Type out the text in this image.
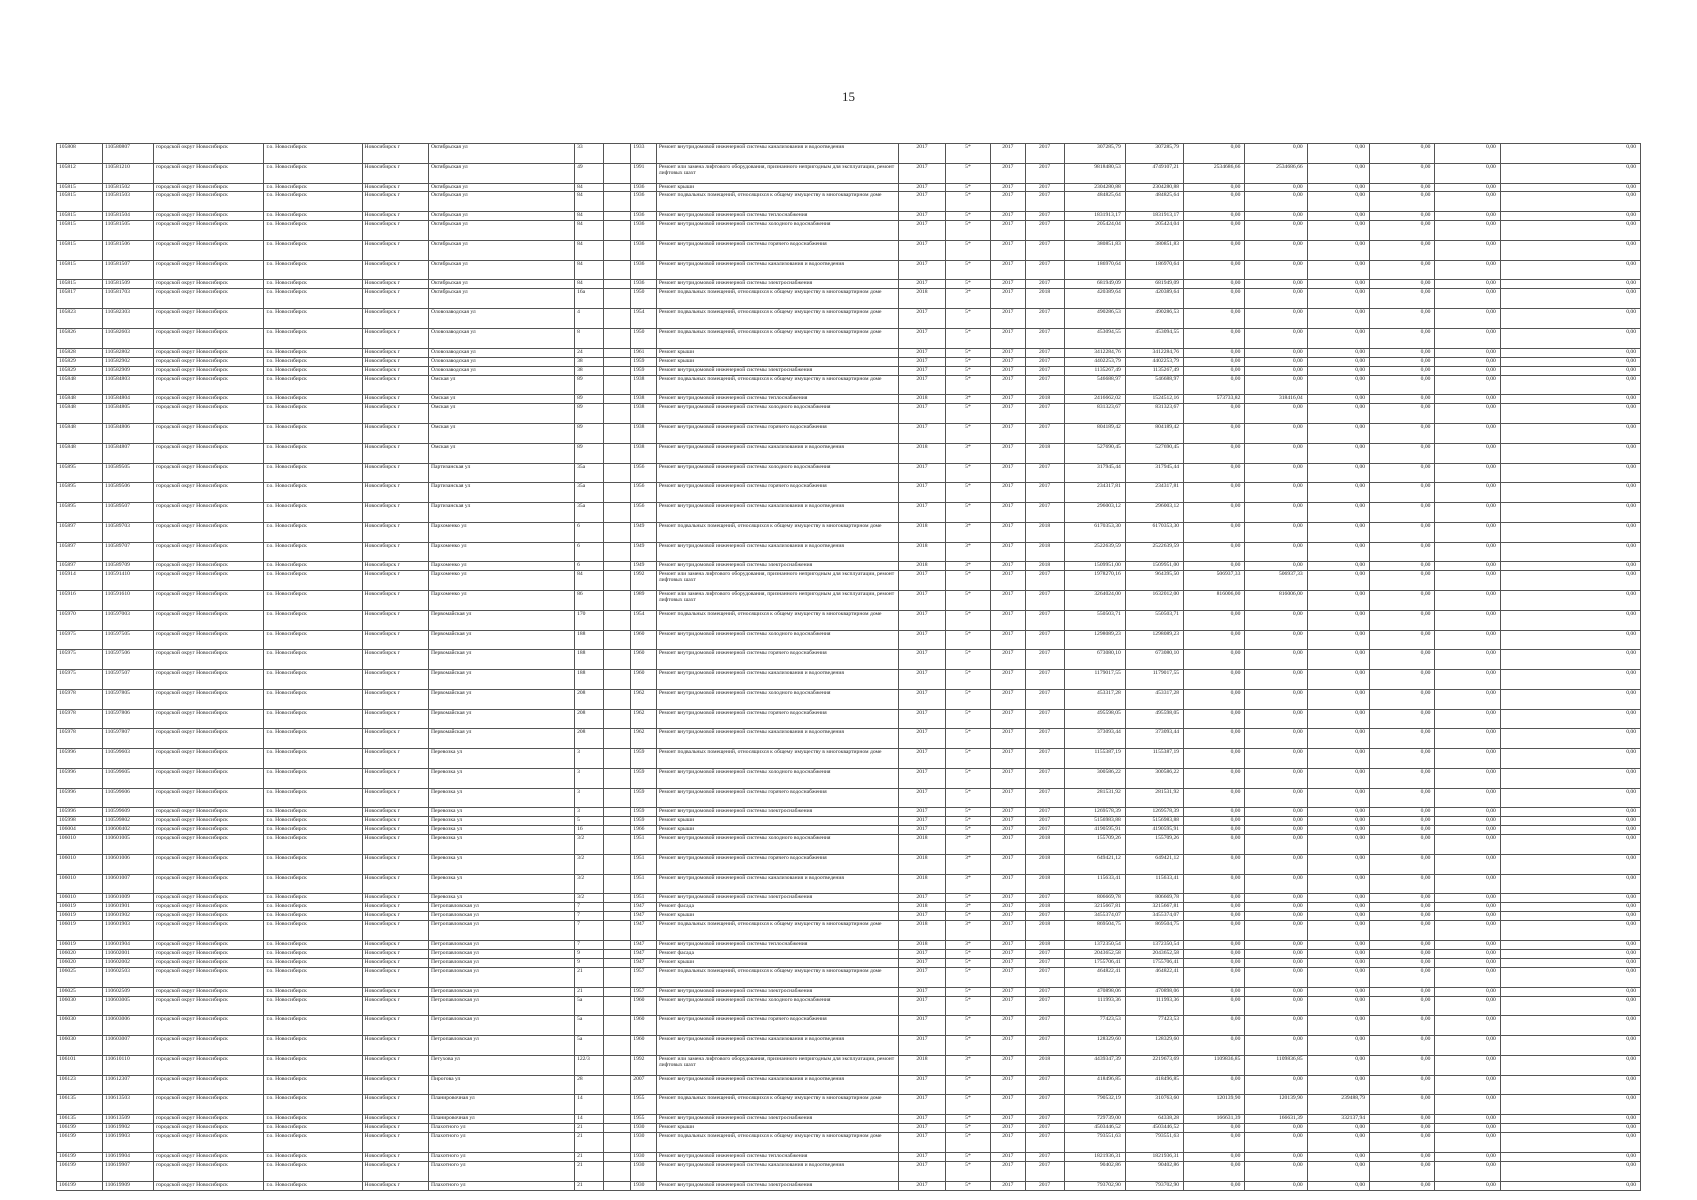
15
105808	110580807	городской округ Новосибирск	г.о. Новосибирск	Новосибирск г	Октябрьская ул	33		1933	Ремонт внутридомовой инженерной системы канализования и водоотведения	2017	5*	2017	2017	307285,79	307285,79	0,00	0,00	0,00	0,00	0,00	0,00
105812	110581210	городской округ Новосибирск	г.о. Новосибирск	Новосибирск г	Октябрьская ул	49		1991	Ремонт или замена лифтового оборудования, признанного непригодным для эксплуатации, ремонт лифтовых шахт	2017	5*	2017	2017	9818480,53	4749107,21	2534686,66	2534686,66	0,00	0,00	0,00	0,00
105815	110581502	городской округ Новосибирск	г.о. Новосибирск	Новосибирск г	Октябрьская ул	84		1936	Ремонт крыши	2017	5*	2017	2017	2304280,88	2304280,88	0,00	0,00	0,00	0,00	0,00	0,00
105815	110581503	городской округ Новосибирск	г.о. Новосибирск	Новосибирск г	Октябрьская ул	84		1936	Ремонт подвальных помещений, относящихся к общему имуществу в многоквартирном доме	2017	5*	2017	2017	484825,64	484825,64	0,00	0,00	0,00	0,00	0,00	0,00
105815	110581504	городской округ Новосибирск	г.о. Новосибирск	Новосибирск г	Октябрьская ул	84		1936	Ремонт внутридомовой инженерной системы теплоснабжения	2017	5*	2017	2017	1831913,17	1831913,17	0,00	0,00	0,00	0,00	0,00	0,00
105815	110581505	городской округ Новосибирск	г.о. Новосибирск	Новосибирск г	Октябрьская ул	84		1936	Ремонт внутридомовой инженерной системы холодного водоснабжения	2017	5*	2017	2017	205424,04	205424,04	0,00	0,00	0,00	0,00	0,00	0,00
105815	110581506	городской округ Новосибирск	г.о. Новосибирск	Новосибирск г	Октябрьская ул	84		1936	Ремонт внутридомовой инженерной системы горячего водоснабжения	2017	5*	2017	2017	380851,83	380851,83	0,00	0,00	0,00	0,00	0,00	0,00
105815	110581507	городской округ Новосибирск	г.о. Новосибирск	Новосибирск г	Октябрьская ул	84		1936	Ремонт внутридомовой инженерной системы канализования и водоотведения	2017	5*	2017	2017	186970,64	186970,64	0,00	0,00	0,00	0,00	0,00	0,00
105815	110581509	городской округ Новосибирск	г.о. Новосибирск	Новосибирск г	Октябрьская ул	84		1936	Ремонт внутридомовой инженерной системы электроснабжения	2017	5*	2017	2017	681949,09	681949,09	0,00	0,00	0,00	0,00	0,00	0,00
105817	110581703	городской округ Новосибирск	г.о. Новосибирск	Новосибирск г	Октябрьская ул	16а		1950	Ремонт подвальных помещений, относящихся к общему имуществу в многоквартирном доме	2018	3*	2017	2018	420389,64	420389,64	0,00	0,00	0,00	0,00	0,00	0,00
105823	110582303	городской округ Новосибирск	г.о. Новосибирск	Новосибирск г	Оловозаводская ул	4		1954	Ремонт подвальных помещений, относящихся к общему имуществу в многоквартирном доме	2017	5*	2017	2017	490286,53	490286,53	0,00	0,00	0,00	0,00	0,00	0,00
105826	110582603	городской округ Новосибирск	г.о. Новосибирск	Новосибирск г	Оловозаводская ул	8		1950	Ремонт подвальных помещений, относящихся к общему имуществу в многоквартирном доме	2017	5*	2017	2017	453094,55	453094,55	0,00	0,00	0,00	0,00	0,00	0,00
105828	110582802	городской округ Новосибирск	г.о. Новосибирск	Новосибирск г	Оловозаводская ул	24		1961	Ремонт крыши	2017	5*	2017	2017	3412284,76	3412284,76	0,00	0,00	0,00	0,00	0,00	0,00
105829	110582902	городской округ Новосибирск	г.о. Новосибирск	Новосибирск г	Оловозаводская ул	38		1959	Ремонт крыши	2017	5*	2017	2017	4402253,79	4402253,79	0,00	0,00	0,00	0,00	0,00	0,00
105829	110582909	городской округ Новосибирск	г.о. Новосибирск	Новосибирск г	Оловозаводская ул	38		1959	Ремонт внутридомовой инженерной системы электроснабжения	2017	5*	2017	2017	1135267,49	1135267,49	0,00	0,00	0,00	0,00	0,00	0,00
105848	110584803	городской округ Новосибирск	г.о. Новосибирск	Новосибирск г	Омская ул	89		1938	Ремонт подвальных помещений, относящихся к общему имуществу в многоквартирном доме	2017	5*	2017	2017	546688,97	546688,97	0,00	0,00	0,00	0,00	0,00	0,00
105848	110584804	городской округ Новосибирск	г.о. Новосибирск	Новосибирск г	Омская ул	89		1938	Ремонт внутридомовой инженерной системы теплоснабжения	2018	3*	2017	2018	2416662,02	1524512,16	573733,82	318416,04	0,00	0,00	0,00	0,00
105848	110584805	городской округ Новосибирск	г.о. Новосибирск	Новосибирск г	Омская ул	89		1938	Ремонт внутридомовой инженерной системы холодного водоснабжения	2017	5*	2017	2017	831323,67	831323,67	0,00	0,00	0,00	0,00	0,00	0,00
105848	110584806	городской округ Новосибирск	г.о. Новосибирск	Новосибирск г	Омская ул	89		1938	Ремонт внутридомовой инженерной системы горячего водоснабжения	2017	5*	2017	2017	804189,42	804189,42	0,00	0,00	0,00	0,00	0,00	0,00
105848	110584807	городской округ Новосибирск	г.о. Новосибирск	Новосибирск г	Омская ул	89		1938	Ремонт внутридомовой инженерной системы канализования и водоотведения	2018	3*	2017	2018	527690,45	527690,45	0,00	0,00	0,00	0,00	0,00	0,00
105895	110589505	городской округ Новосибирск	г.о. Новосибирск	Новосибирск г	Партизанская ул	35а		1956	Ремонт внутридомовой инженерной системы холодного водоснабжения	2017	5*	2017	2017	317945,44	317945,44	0,00	0,00	0,00	0,00	0,00	0,00
105895	110589506	городской округ Новосибирск	г.о. Новосибирск	Новосибирск г	Партизанская ул	35а		1956	Ремонт внутридомовой инженерной системы горячего водоснабжения	2017	5*	2017	2017	234317,81	234317,81	0,00	0,00	0,00	0,00	0,00	0,00
105895	110589507	городской округ Новосибирск	г.о. Новосибирск	Новосибирск г	Партизанская ул	35а		1956	Ремонт внутридомовой инженерной системы канализования и водоотведения	2017	5*	2017	2017	296003,12	296003,12	0,00	0,00	0,00	0,00	0,00	0,00
105897	110589703	городской округ Новосибирск	г.о. Новосибирск	Новосибирск г	Пархоменко ул	6		1949	Ремонт подвальных помещений, относящихся к общему имуществу в многоквартирном доме	2018	3*	2017	2018	6170353,30	6170353,30	0,00	0,00	0,00	0,00	0,00	0,00
105897	110589707	городской округ Новосибирск	г.о. Новосибирск	Новосибирск г	Пархоменко ул	6		1949	Ремонт внутридомовой инженерной системы канализования и водоотведения	2018	3*	2017	2018	2522639,59	2522639,59	0,00	0,00	0,00	0,00	0,00	0,00
105897	110589709	городской округ Новосибирск	г.о. Новосибирск	Новосибирск г	Пархоменко ул	6		1949	Ремонт внутридомовой инженерной системы электроснабжения	2018	3*	2017	2018	1509951,00	1509951,00	0,00	0,00	0,00	0,00	0,00	0,00
105914	110591410	городской округ Новосибирск	г.о. Новосибирск	Новосибирск г	Пархоменко ул	84		1992	Ремонт или замена лифтового оборудования, признанного непригодным для эксплуатации, ремонт лифтовых шахт	2017	5*	2017	2017	1978270,16	964395,50	506937,33	506937,33	0,00	0,00	0,00	0,00
105916	110591610	городской округ Новосибирск	г.о. Новосибирск	Новосибирск г	Пархоменко ул	86		1989	Ремонт или замена лифтового оборудования, признанного непригодным для эксплуатации, ремонт лифтовых шахт	2017	5*	2017	2017	3264024,00	1632012,00	816006,00	816006,00	0,00	0,00	0,00	0,00
105970	110597003	городской округ Новосибирск	г.о. Новосибирск	Новосибирск г	Первомайская ул	170		1954	Ремонт подвальных помещений, относящихся к общему имуществу в многоквартирном доме	2017	5*	2017	2017	550503,71	550503,71	0,00	0,00	0,00	0,00	0,00	0,00
105975	110597505	городской округ Новосибирск	г.о. Новосибирск	Новосибирск г	Первомайская ул	188		1960	Ремонт внутридомовой инженерной системы холодного водоснабжения	2017	5*	2017	2017	1298089,23	1298089,23	0,00	0,00	0,00	0,00	0,00	0,00
105975	110597506	городской округ Новосибирск	г.о. Новосибирск	Новосибирск г	Первомайская ул	188		1960	Ремонт внутридомовой инженерной системы горячего водоснабжения	2017	5*	2017	2017	673080,10	673080,10	0,00	0,00	0,00	0,00	0,00	0,00
105975	110597507	городской округ Новосибирск	г.о. Новосибирск	Новосибирск г	Первомайская ул	188		1960	Ремонт внутридомовой инженерной системы канализования и водоотведения	2017	5*	2017	2017	1179017,55	1179017,55	0,00	0,00	0,00	0,00	0,00	0,00
105978	110597805	городской округ Новосибирск	г.о. Новосибирск	Новосибирск г	Первомайская ул	208		1962	Ремонт внутридомовой инженерной системы холодного водоснабжения	2017	5*	2017	2017	453317,28	453317,28	0,00	0,00	0,00	0,00	0,00	0,00
105978	110597806	городской округ Новосибирск	г.о. Новосибирск	Новосибирск г	Первомайская ул	208		1962	Ремонт внутридомовой инженерной системы горячего водоснабжения	2017	5*	2017	2017	495598,05	495598,05	0,00	0,00	0,00	0,00	0,00	0,00
105978	110597807	городской округ Новосибирск	г.о. Новосибирск	Новосибирск г	Первомайская ул	208		1962	Ремонт внутридомовой инженерной системы канализования и водоотведения	2017	5*	2017	2017	373093,44	373093,44	0,00	0,00	0,00	0,00	0,00	0,00
105996	110599603	городской округ Новосибирск	г.о. Новосибирск	Новосибирск г	Перевозка ул	3		1959	Ремонт подвальных помещений, относящихся к общему имуществу в многоквартирном доме	2017	5*	2017	2017	1155387,19	1155387,19	0,00	0,00	0,00	0,00	0,00	0,00
105996	110599605	городской округ Новосибирск	г.о. Новосибирск	Новосибирск г	Перевозка ул	3		1959	Ремонт внутридомовой инженерной системы холодного водоснабжения	2017	5*	2017	2017	300586,22	300586,22	0,00	0,00	0,00	0,00	0,00	0,00
105996	110599606	городской округ Новосибирск	г.о. Новосибирск	Новосибирск г	Перевозка ул	3		1959	Ремонт внутридомовой инженерной системы горячего водоснабжения	2017	5*	2017	2017	281531,92	281531,92	0,00	0,00	0,00	0,00	0,00	0,00
105996	110599609	городской округ Новосибирск	г.о. Новосибирск	Новосибирск г	Перевозка ул	3		1959	Ремонт внутридомовой инженерной системы электроснабжения	2017	5*	2017	2017	1269578,39	1269578,39	0,00	0,00	0,00	0,00	0,00	0,00
105998	110599802	городской округ Новосибирск	г.о. Новосибирск	Новосибирск г	Перевозка ул	5		1959	Ремонт крыши	2017	5*	2017	2017	5156983,88	5156983,88	0,00	0,00	0,00	0,00	0,00	0,00
106004	110600402	городской округ Новосибирск	г.о. Новосибирск	Новосибирск г	Перевозка ул	16		1966	Ремонт крыши	2017	5*	2017	2017	4190595,91	4190595,91	0,00	0,00	0,00	0,00	0,00	0,00
106010	110601005	городской округ Новосибирск	г.о. Новосибирск	Новосибирск г	Перевозка ул	3/2		1951	Ремонт внутридомовой инженерной системы холодного водоснабжения	2018	3*	2017	2018	155709,26	155709,26	0,00	0,00	0,00	0,00	0,00	0,00
106010	110601006	городской округ Новосибирск	г.о. Новосибирск	Новосибирск г	Перевозка ул	3/2		1951	Ремонт внутридомовой инженерной системы горячего водоснабжения	2018	3*	2017	2018	649421,12	649421,12	0,00	0,00	0,00	0,00	0,00	0,00
106010	110601007	городской округ Новосибирск	г.о. Новосибирск	Новосибирск г	Перевозка ул	3/2		1951	Ремонт внутридомовой инженерной системы канализования и водоотведения	2018	3*	2017	2018	115633,41	115633,41	0,00	0,00	0,00	0,00	0,00	0,00
106010	110601009	городской округ Новосибирск	г.о. Новосибирск	Новосибирск г	Перевозка ул	3/2		1951	Ремонт внутридомовой инженерной системы электроснабжения	2017	5*	2017	2017	806669,78	806669,78	0,00	0,00	0,00	0,00	0,00	0,00
106019	110601901	городской округ Новосибирск	г.о. Новосибирск	Новосибирск г	Петропавловская ул	7		1947	Ремонт фасада	2018	3*	2017	2018	3215667,81	3215667,81	0,00	0,00	0,00	0,00	0,00	0,00
106019	110601902	городской округ Новосибирск	г.о. Новосибирск	Новосибирск г	Петропавловская ул	7		1947	Ремонт крыши	2017	5*	2017	2017	3455374,07	3455374,07	0,00	0,00	0,00	0,00	0,00	0,00
106019	110601903	городской округ Новосибирск	г.о. Новосибирск	Новосибирск г	Петропавловская ул	7		1947	Ремонт подвальных помещений, относящихся к общему имуществу в многоквартирном доме	2018	3*	2017	2018	869504,75	869504,75	0,00	0,00	0,00	0,00	0,00	0,00
106019	110601904	городской округ Новосибирск	г.о. Новосибирск	Новосибирск г	Петропавловская ул	7		1947	Ремонт внутридомовой инженерной системы теплоснабжения	2018	3*	2017	2018	1372350,54	1372350,54	0,00	0,00	0,00	0,00	0,00	0,00
106020	110602001	городской округ Новосибирск	г.о. Новосибирск	Новосибирск г	Петропавловская ул	9		1947	Ремонт фасада	2017	5*	2017	2017	2043652,58	2043652,58	0,00	0,00	0,00	0,00	0,00	0,00
106020	110602002	городской округ Новосибирск	г.о. Новосибирск	Новосибирск г	Петропавловская ул	9		1947	Ремонт крыши	2017	5*	2017	2017	1755706,41	1755706,41	0,00	0,00	0,00	0,00	0,00	0,00
106025	110602503	городской округ Новосибирск	г.о. Новосибирск	Новосибирск г	Петропавловская ул	21		1957	Ремонт подвальных помещений, относящихся к общему имуществу в многоквартирном доме	2017	5*	2017	2017	464822,41	464822,41	0,00	0,00	0,00	0,00	0,00	0,00
106025	110602509	городской округ Новосибирск	г.о. Новосибирск	Новосибирск г	Петропавловская ул	21		1957	Ремонт внутридомовой инженерной системы электроснабжения	2017	5*	2017	2017	470898,06	470898,06	0,00	0,00	0,00	0,00	0,00	0,00
106030	110603005	городской округ Новосибирск	г.о. Новосибирск	Новосибирск г	Петропавловская ул	5а		1960	Ремонт внутридомовой инженерной системы холодного водоснабжения	2017	5*	2017	2017	111993,36	111993,36	0,00	0,00	0,00	0,00	0,00	0,00
106030	110603006	городской округ Новосибирск	г.о. Новосибирск	Новосибирск г	Петропавловская ул	5а		1960	Ремонт внутридомовой инженерной системы горячего водоснабжения	2017	5*	2017	2017	77423,53	77423,53	0,00	0,00	0,00	0,00	0,00	0,00
106030	110603007	городской округ Новосибирск	г.о. Новосибирск	Новосибирск г	Петропавловская ул	5а		1960	Ремонт внутридомовой инженерной системы канализования и водоотведения	2017	5*	2017	2017	128329,60	128329,60	0,00	0,00	0,00	0,00	0,00	0,00
106101	110610110	городской округ Новосибирск	г.о. Новосибирск	Новосибирск г	Петухова ул	122/3		1992	Ремонт или замена лифтового оборудования, признанного непригодным для эксплуатации, ремонт лифтовых шахт	2018	3*	2017	2018	4439347,39	2219673,69	1109836,85	1109836,85	0,00	0,00	0,00	0,00
106123	110612307	городской округ Новосибирск	г.о. Новосибирск	Новосибирск г	Пирогова ул	28		2007	Ремонт внутридомовой инженерной системы канализования и водоотведения	2017	5*	2017	2017	418496,85	418496,85	0,00	0,00	0,00	0,00	0,00	0,00
106135	110613503	городской округ Новосибирск	г.о. Новосибирск	Новосибирск г	Планировочная ул	14		1955	Ремонт подвальных помещений, относящихся к общему имуществу в многоквартирном доме	2017	5*	2017	2017	790532,19	310763,60	120139,90	120139,90	239488,79	0,00	0,00	0,00
106135	110613509	городской округ Новосибирск	г.о. Новосибирск	Новосибирск г	Планировочная ул	14		1955	Ремонт внутридомовой инженерной системы электроснабжения	2017	5*	2017	2017	729739,00	64338,28	166631,39	166631,39	332137,94	0,00	0,00	0,00
106199	110619902	городской округ Новосибирск	г.о. Новосибирск	Новосибирск г	Плахотного ул	21		1930	Ремонт крыши	2017	5*	2017	2017	4503446,52	4503446,52	0,00	0,00	0,00	0,00	0,00	0,00
106199	110619903	городской округ Новосибирск	г.о. Новосибирск	Новосибирск г	Плахотного ул	21		1930	Ремонт подвальных помещений, относящихся к общему имуществу в многоквартирном доме	2017	5*	2017	2017	793551,63	793551,63	0,00	0,00	0,00	0,00	0,00	0,00
106199	110619904	городской округ Новосибирск	г.о. Новосибирск	Новосибирск г	Плахотного ул	21		1930	Ремонт внутридомовой инженерной системы теплоснабжения	2017	5*	2017	2017	1821936,31	1821936,31	0,00	0,00	0,00	0,00	0,00	0,00
106199	110619907	городской округ Новосибирск	г.о. Новосибирск	Новосибирск г	Плахотного ул	21		1930	Ремонт внутридомовой инженерной системы канализования и водоотведения	2017	5*	2017	2017	90402,86	90402,86	0,00	0,00	0,00	0,00	0,00	0,00
106199	110619909	городской округ Новосибирск	г.о. Новосибирск	Новосибирск г	Плахотного ул	21		1930	Ремонт внутридомовой инженерной системы электроснабжения	2017	5*	2017	2017	793702,90	793702,90	0,00	0,00	0,00	0,00	0,00	0,00
